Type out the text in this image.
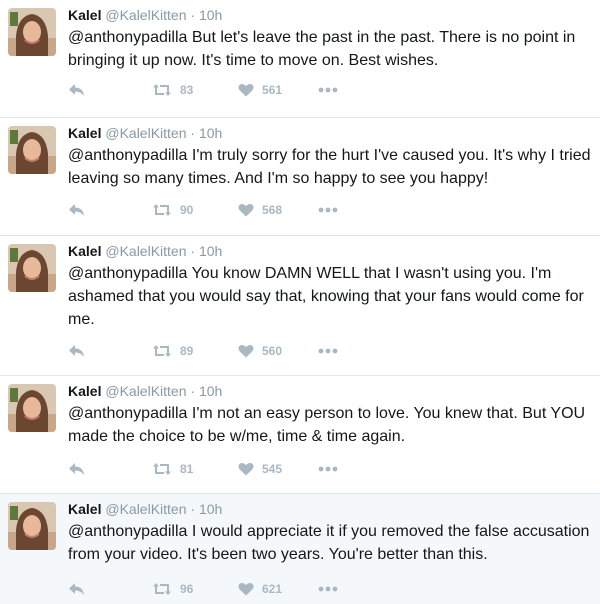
Kalel @KalelKitten · 10h
@anthonypadilla But let's leave the past in the past. There is no point in bringing it up now. It's time to move on. Best wishes.
83	561
Kalel @KalelKitten · 10h
@anthonypadilla I'm truly sorry for the hurt I've caused you. It's why I tried leaving so many times. And I'm so happy to see you happy!
90	568
Kalel @KalelKitten · 10h
@anthonypadilla You know DAMN WELL that I wasn't using you. I'm ashamed that you would say that, knowing that your fans would come for me.
89	560
Kalel @KalelKitten · 10h
@anthonypadilla I'm not an easy person to love. You knew that. But YOU made the choice to be w/me, time & time again.
81	545
Kalel @KalelKitten · 10h
@anthonypadilla I would appreciate it if you removed the false accusation from your video. It's been two years. You're better than this.
96	621
